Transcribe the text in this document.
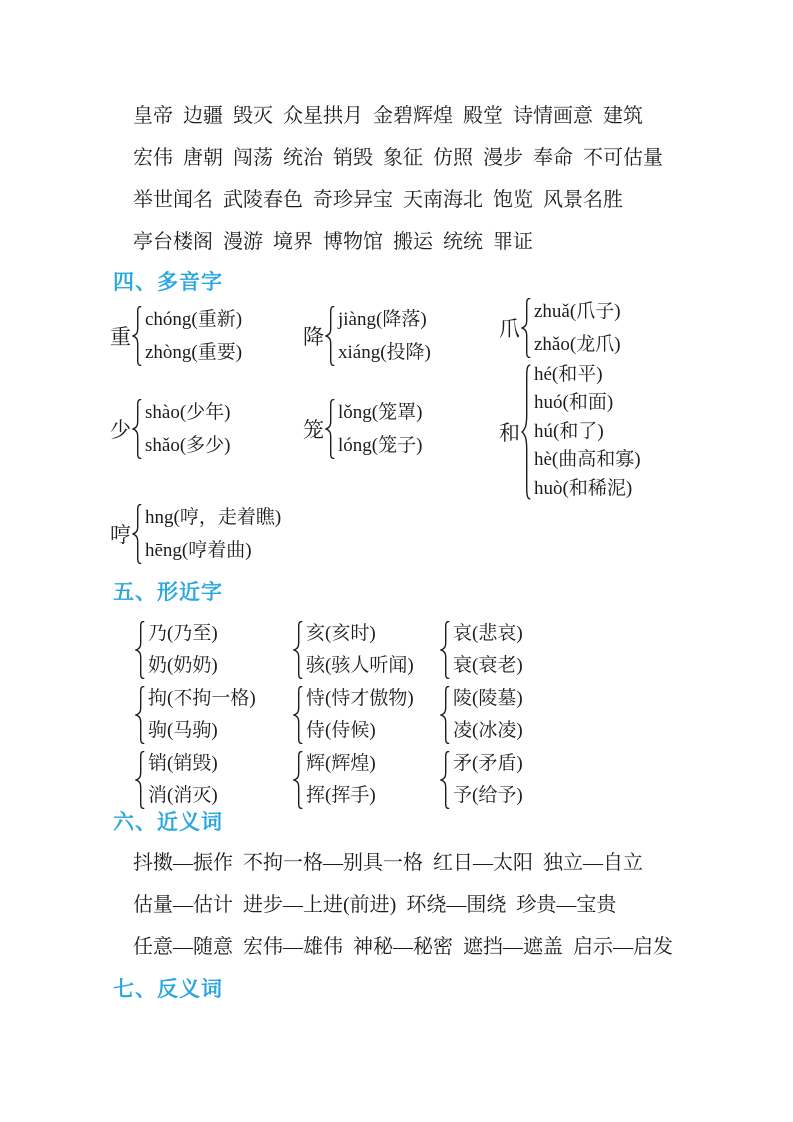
皇帝 边疆 毁灭 众星拱月 金碧辉煌 殿堂 诗情画意 建筑
宏伟 唐朝 闯荡 统治 销毁 象征 仿照 漫步 奉命 不可估量
举世闻名 武陵春色 奇珍异宝 天南海北 饱览 风景名胜
亭台楼阁 漫游 境界 博物馆 搬运 统统 罪证
四、多音字
五、形近字
六、近义词
抖擞—振作 不拘一格—别具一格 红日—太阳 独立—自立
估量—估计 进步—上进(前进) 环绕—围绕 珍贵—宝贵
任意—随意 宏伟—雄伟 神秘—秘密 遮挡—遮盖 启示—启发
七、反义词
重
chóng(重新)
zhòng(重要)
降
jiàng(降落)
xiáng(投降)
爪
zhuǎ(爪子)
zhǎo(龙爪)
少
shào(少年)
shǎo(多少)
笼
lǒng(笼罩)
lóng(笼子)
和
hé(和平)
huó(和面)
hú(和了)
hè(曲高和寡)
huò(和稀泥)
哼
hng(哼，走着瞧)
hēng(哼着曲)
乃(乃至)
奶(奶奶)
亥(亥时)
骇(骇人听闻)
哀(悲哀)
衰(衰老)
拘(不拘一格)
驹(马驹)
恃(恃才傲物)
侍(侍候)
陵(陵墓)
凌(冰凌)
销(销毁)
消(消灭)
辉(辉煌)
挥(挥手)
矛(矛盾)
予(给予)
